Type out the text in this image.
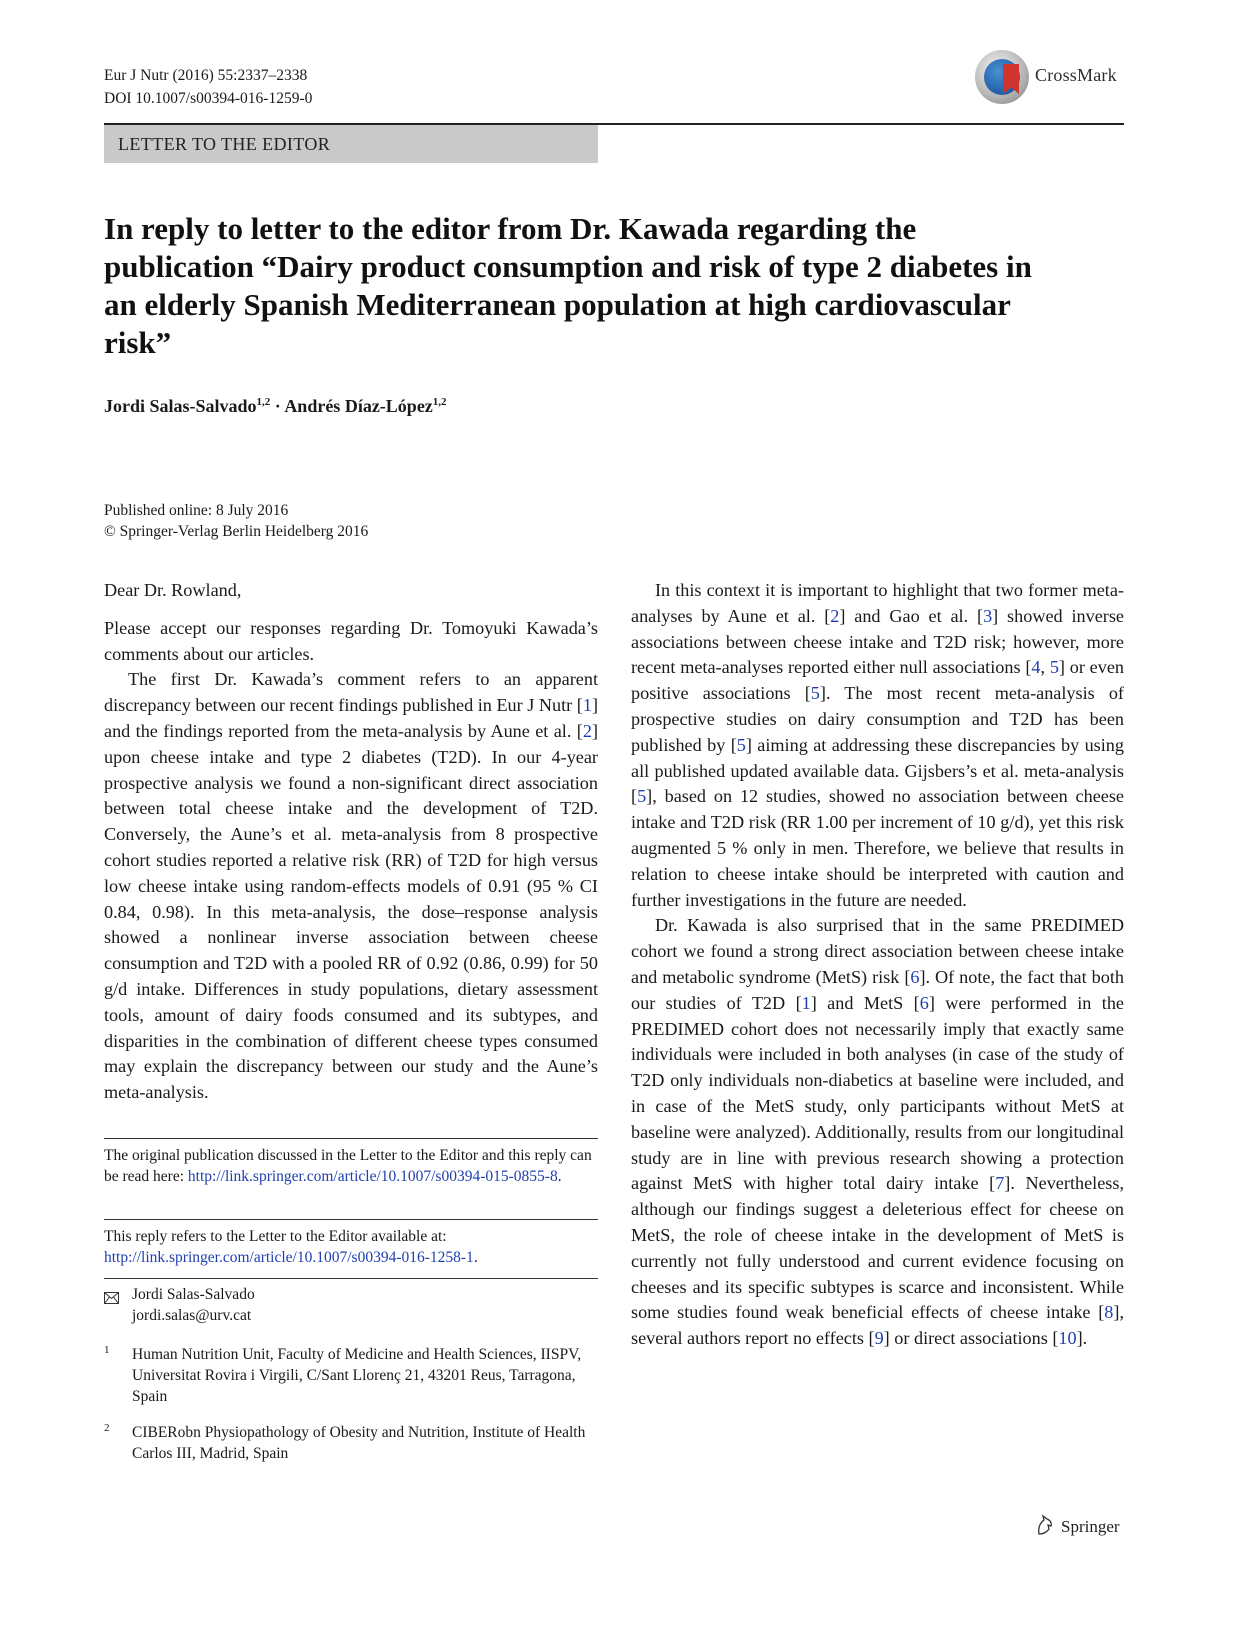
Eur J Nutr (2016) 55:2337–2338
DOI 10.1007/s00394-016-1259-0
CrossMark
LETTER TO THE EDITOR
In reply to letter to the editor from Dr. Kawada regarding the publication “Dairy product consumption and risk of type 2 diabetes in an elderly Spanish Mediterranean population at high cardiovascular risk”
Jordi Salas-Salvado$^{1,2}$ · Andrés Díaz-López$^{1,2}$
Published online: 8 July 2016
© Springer-Verlag Berlin Heidelberg 2016

Dear Dr. Rowland,

Please accept our responses regarding Dr. Tomoyuki Kawada’s comments about our articles.

The first Dr. Kawada’s comment refers to an apparent discrepancy between our recent findings published in Eur J Nutr [1] and the findings reported from the meta-analysis by Aune et al. [2] upon cheese intake and type 2 diabetes (T2D). In our 4-year prospective analysis we found a non-significant direct association between total cheese intake and the development of T2D. Conversely, the Aune’s et al. meta-analysis from 8 prospective cohort studies reported a relative risk (RR) of T2D for high versus low cheese intake using random-effects models of 0.91 (95 % CI 0.84, 0.98). In this meta-analysis, the dose–response analysis showed a nonlinear inverse association between cheese consumption and T2D with a pooled RR of 0.92 (0.86, 0.99) for 50 g/d intake. Differences in study populations, dietary assessment tools, amount of dairy foods consumed and its subtypes, and disparities in the combination of different cheese types consumed may explain the discrepancy between our study and the Aune’s meta-analysis.

In this context it is important to highlight that two former meta-analyses by Aune et al. [2] and Gao et al. [3] showed inverse associations between cheese intake and T2D risk; however, more recent meta-analyses reported either null associations [4, 5] or even positive associations [5]. The most recent meta-analysis of prospective studies on dairy consumption and T2D has been published by [5] aiming at addressing these discrepancies by using all published updated available data. Gijsbers’s et al. meta-analysis [5], based on 12 studies, showed no association between cheese intake and T2D risk (RR 1.00 per increment of 10 g/d), yet this risk augmented 5 % only in men. Therefore, we believe that results in relation to cheese intake should be interpreted with caution and further investigations in the future are needed.

Dr. Kawada is also surprised that in the same PREDIMED cohort we found a strong direct association between cheese intake and metabolic syndrome (MetS) risk [6]. Of note, the fact that both our studies of T2D [1] and MetS [6] were performed in the PREDIMED cohort does not necessarily imply that exactly same individuals were included in both analyses (in case of the study of T2D only individuals non-diabetics at baseline were included, and in case of the MetS study, only participants without MetS at baseline were analyzed). Additionally, results from our longitudinal study are in line with previous research showing a protection against MetS with higher total dairy intake [7]. Nevertheless, although our findings suggest a deleterious effect for cheese on MetS, the role of cheese intake in the development of MetS is currently not fully understood and current evidence focusing on cheeses and its specific subtypes is scarce and inconsistent. While some studies found weak beneficial effects of cheese intake [8], several authors report no effects [9] or direct associations [10].

The original publication discussed in the Letter to the Editor and this reply can be read here: http://link.springer.com/article/10.1007/s00394-015-0855-8.
This reply refers to the Letter to the Editor available at: http://link.springer.com/article/10.1007/s00394-016-1258-1.
Jordi Salas-Salvado
jordi.salas@urv.cat
1 Human Nutrition Unit, Faculty of Medicine and Health Sciences, IISPV, Universitat Rovira i Virgili, C/Sant Llorenç 21, 43201 Reus, Tarragona, Spain
2 CIBERobn Physiopathology of Obesity and Nutrition, Institute of Health Carlos III, Madrid, Spain
Springer
